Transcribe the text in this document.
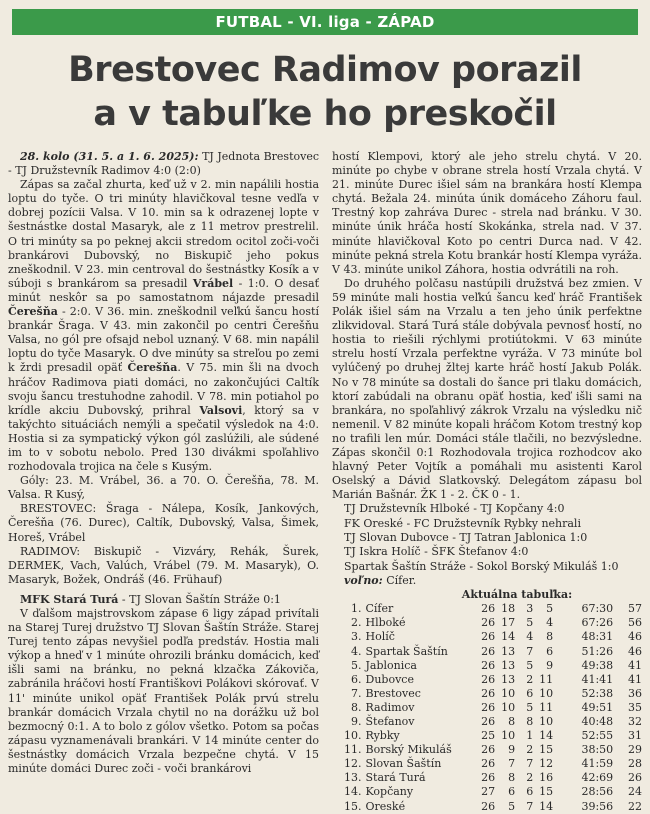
FUTBAL - VI. liga - ZÁPAD
Brestovec Radimov porazil
a v tabuľke ho preskočil

28. kolo (31. 5. a 1. 6. 2025): TJ Jednota Brestovec - TJ Družstevník Radimov 4:0 (2:0)

Zápas sa začal zhurta, keď už v 2. min napálili hostia loptu do tyče. O tri minúty hlavičkoval tesne vedľa v dobrej pozícii Valsa. V 10. min sa k odrazenej lopte v šestnástke dostal Masaryk, ale z 11 metrov prestrelil. O tri minúty sa po peknej akcii stredom ocitol zoči-voči brankárovi Dubovský, no Biskupič jeho pokus zneškodnil. V 23. min centroval do šestnástky Kosík a v súboji s brankárom sa presadil Vrábel - 1:0. O desať minút neskôr sa po samostatnom nájazde presadil Čerešňa - 2:0. V 36. min. zneškodnil veľkú šancu hostí brankár Šraga. V 43. min zakončil po centri Čerešňu Valsa, no gól pre ofsajd nebol uznaný. V 68. min napálil loptu do tyče Masaryk. O dve minúty sa streľou po zemi k žrdi presadil opäť Čerešňa. V 75. min šli na dvoch hráčov Radimova piati domáci, no zakončujúci Caltík svoju šancu trestuhodne zahodil. V 78. min potiahol po krídle akciu Dubovský, prihral Valsovi, ktorý sa v takýchto situáciách nemýli a spečatil výsledok na 4:0. Hostia si za sympatický výkon gól zaslúžili, ale súdené im to v sobotu nebolo. Pred 130 divákmi spoľahlivo rozhodovala trojica na čele s Kusým.

Góly: 23. M. Vrábel, 36. a 70. O. Čerešňa, 78. M. Valsa. R Kusý,

BRESTOVEC: Šraga - Nálepa, Kosík, Jankových, Čerešňa (76. Durec), Caltík, Dubovský, Valsa, Šimek, Horeš, Vrábel

RADIMOV: Biskupič - Vizváry, Rehák, Šurek, DERMEK, Vach, Valúch, Vrábel (79. M. Masaryk), O. Masaryk, Božek, Ondráš (46. Frühauf)

MFK Stará Turá - TJ Slovan Šaštín Stráže 0:1

V ďalšom majstrovskom zápase 6 ligy západ privítali na Starej Turej družstvo TJ Slovan Šaštín Stráže. Starej Turej tento zápas nevyšiel podľa predstáv. Hostia mali výkop a hneď v 1 minúte ohrozili bránku domácich, keď išli sami na bránku, no pekná klzačka Zákoviča, zabránila hráčovi hostí Františkovi Polákovi skórovať. V 11' minúte unikol opäť František Polák prvú strelu brankár domácich Vrzala chytil no na dorážku už bol bezmocný 0:1. A to bolo z gólov všetko. Potom sa počas zápasu vyznamenávali brankári. V 14 minúte center do šestnástky domácich Vrzala bezpečne chytá. V 15 minúte domáci Durec zoči - voči brankárovi

hostí Klempovi, ktorý ale jeho strelu chytá. V 20. minúte po chybe v obrane strela hostí Vrzala chytá. V 21. minúte Durec išiel sám na brankára hostí Klempa chytá. Bežala 24. minúta únik domáceho Záhoru faul. Trestný kop zahráva Durec - strela nad bránku. V 30. minúte únik hráča hostí Skokánka, strela nad. V 37. minúte hlavičkoval Koto po centri Durca nad. V 42. minúte pekná strela Kotu brankár hostí Klempa vyráža. V 43. minúte unikol Záhora, hostia odvrátili na roh.

Do druhého polčasu nastúpili družstvá bez zmien. V 59 minúte mali hostia veľkú šancu keď hráč František Polák išiel sám na Vrzalu a ten jeho únik perfektne zlikvidoval. Stará Turá stále dobývala pevnosť hostí, no hostia to riešili rýchlymi protiútokmi. V 63 minúte strelu hostí Vrzala perfektne vyráža. V 73 minúte bol vylúčený po druhej žltej karte hráč hostí Jakub Polák. No v 78 minúte sa dostali do šance pri tlaku domácich, ktorí zabúdali na obranu opäť hostia, keď išli sami na brankára, no spoľahlivý zákrok Vrzalu na výsledku nič nemenil. V 82 minúte kopali hráčom Kotom trestný kop no trafili len múr. Domáci stále tlačili, no bezvýsledne. Zápas skončil 0:1 Rozhodovala trojica rozhodcov ako hlavný Peter Vojtík a pomáhali mu asistenti Karol Oselský a Dávid Slatkovský. Delegátom zápasu bol Marián Bašnár. ŽK 1 - 2. ČK 0 - 1.

TJ Družstevník Hlboké - TJ Kopčany 4:0

FK Oreské - FC Družstevník Rybky nehrali

TJ Slovan Dubovce - TJ Tatran Jablonica 1:0

TJ Iskra Holíč - ŠFK Štefanov 4:0

Spartak Šaštín Stráže - Sokol Borský Mikuláš 1:0

voľno: Cífer.

Aktuálna tabuľka:

1.	Cífer	26	18	3	5	67:30	57
2.	Hlboké	26	17	5	4	67:26	56
3.	Holíč	26	14	4	8	48:31	46
4.	Spartak Šaštín	26	13	7	6	51:26	46
5.	Jablonica	26	13	5	9	49:38	41
6.	Dubovce	26	13	2	11	41:41	41
7.	Brestovec	26	10	6	10	52:38	36
8.	Radimov	26	10	5	11	49:51	35
9.	Štefanov	26	8	8	10	40:48	32
10.	Rybky	25	10	1	14	52:55	31
11.	Borský Mikuláš	26	9	2	15	38:50	29
12.	Slovan Šaštín	26	7	7	12	41:59	28
13.	Stará Turá	26	8	2	16	42:69	26
14.	Kopčany	27	6	6	15	28:56	24
15.	Oreské	26	5	7	14	39:56	22
